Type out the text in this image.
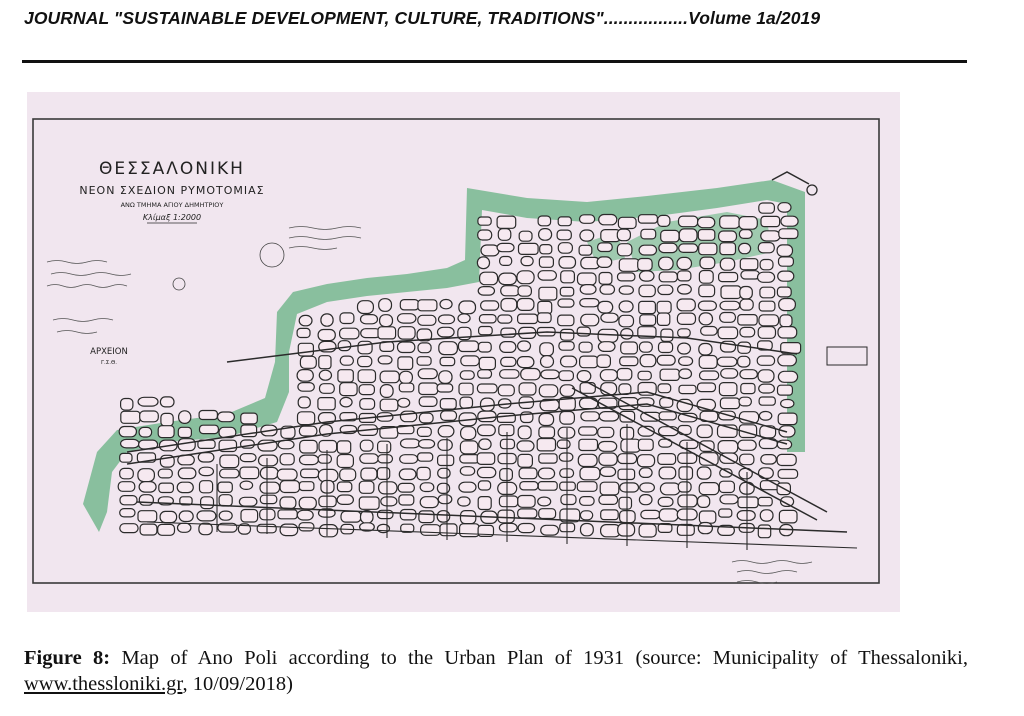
JOURNAL "SUSTAINABLE DEVELOPMENT, CULTURE, TRADITIONS".................Volume 1a/2019
ΘΕΣΣΑΛΟΝΙΚΗ
ΝΕΟΝ ΣΧΕΔΙΟΝ ΡΥΜΟΤΟΜΙΑΣ
ΑΝΩ ΤΜΗΜΑ ΑΓΙΟΥ ΔΗΜΗΤΡΙΟΥ
Κλίμαξ 1:2000
ΑΡΧΕΙΟΝ
Γ.Σ.Θ.
Figure 8: Map of Ano Poli according to the Urban Plan of 1931 (source: Municipality of Thessaloniki, www.thessloniki.gr, 10/09/2018)
